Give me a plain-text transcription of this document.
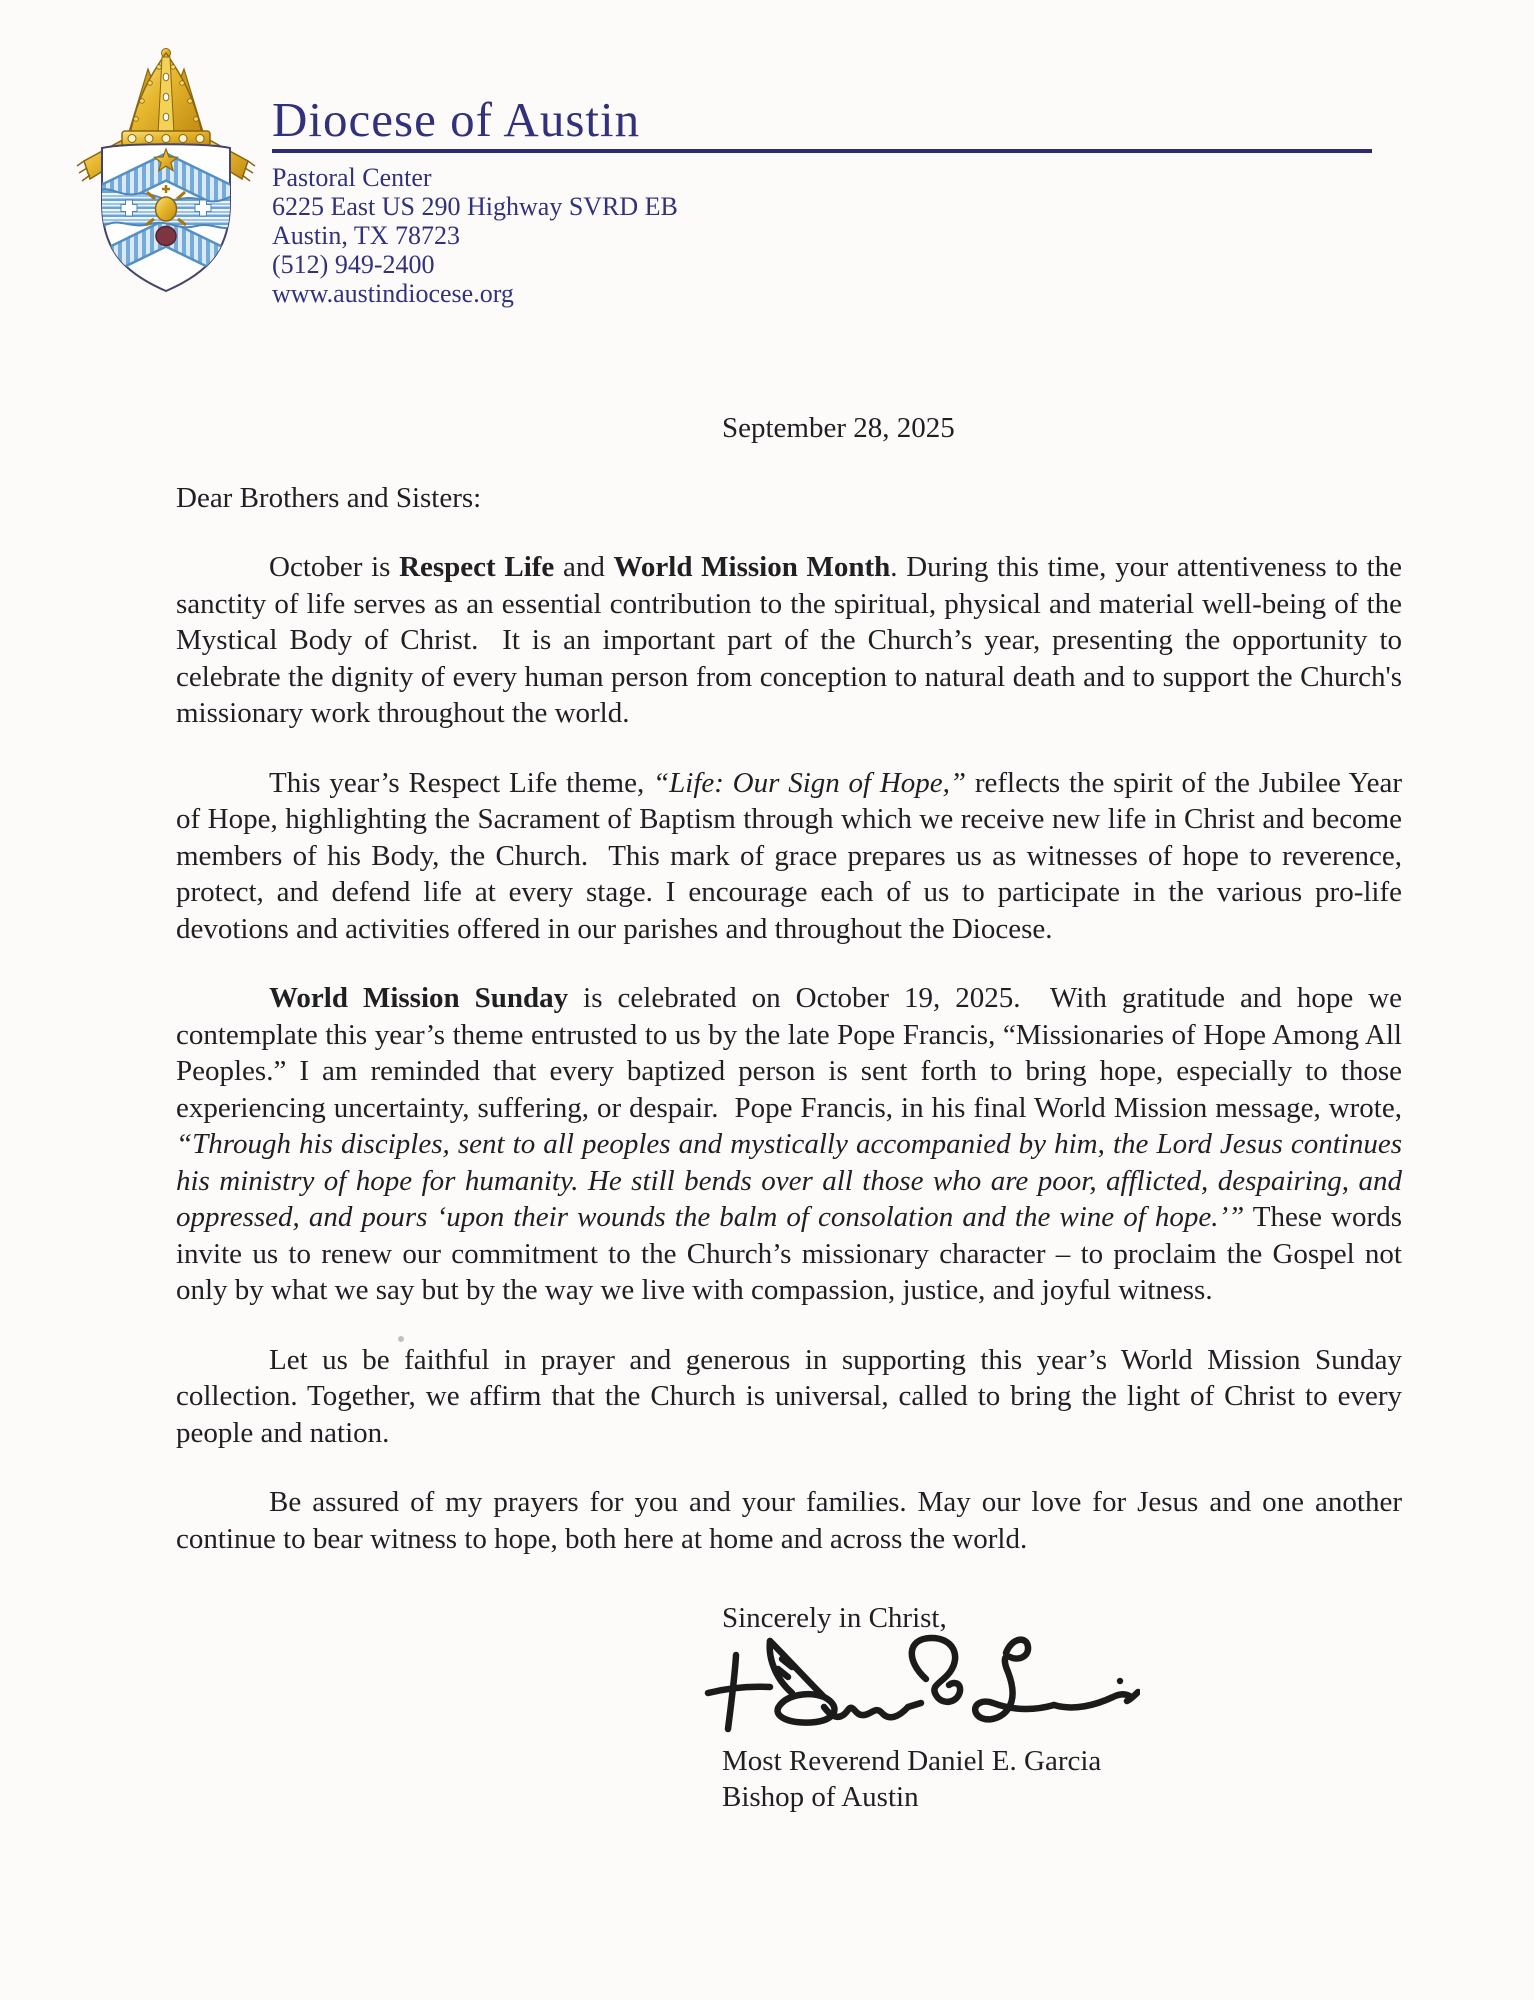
Diocese of Austin
Pastoral Center
6225 East US 290 Highway SVRD EB
Austin, TX 78723
(512) 949-2400
www.austindiocese.org
September 28, 2025
Dear Brothers and Sisters:

October is Respect Life and World Mission Month. During this time, your attentiveness to the sanctity of life serves as an essential contribution to the spiritual, physical and material well-being of the Mystical Body of Christ.  It is an important part of the Church’s year, presenting the opportunity to celebrate the dignity of every human person from conception to natural death and to support the Church's missionary work throughout the world.

This year’s Respect Life theme, “Life: Our Sign of Hope,” reflects the spirit of the Jubilee Year of Hope, highlighting the Sacrament of Baptism through which we receive new life in Christ and become members of his Body, the Church.  This mark of grace prepares us as witnesses of hope to reverence, protect, and defend life at every stage. I encourage each of us to participate in the various pro-life devotions and activities offered in our parishes and throughout the Diocese.

World Mission Sunday is celebrated on October 19, 2025.  With gratitude and hope we contemplate this year’s theme entrusted to us by the late Pope Francis, “Missionaries of Hope Among All Peoples.” I am reminded that every baptized person is sent forth to bring hope, especially to those experiencing uncertainty, suffering, or despair.  Pope Francis, in his final World Mission message, wrote, “Through his disciples, sent to all peoples and mystically accompanied by him, the Lord Jesus continues his ministry of hope for humanity. He still bends over all those who are poor, afflicted, despairing, and oppressed, and pours ‘upon their wounds the balm of consolation and the wine of hope.’” These words invite us to renew our commitment to the Church’s missionary character – to proclaim the Gospel not only by what we say but by the way we live with compassion, justice, and joyful witness.

Let us be faithful in prayer and generous in supporting this year’s World Mission Sunday collection. Together, we affirm that the Church is universal, called to bring the light of Christ to every people and nation.

Be assured of my prayers for you and your families. May our love for Jesus and one another continue to bear witness to hope, both here at home and across the world.

Sincerely in Christ,
Most Reverend Daniel E. Garcia
Bishop of Austin
